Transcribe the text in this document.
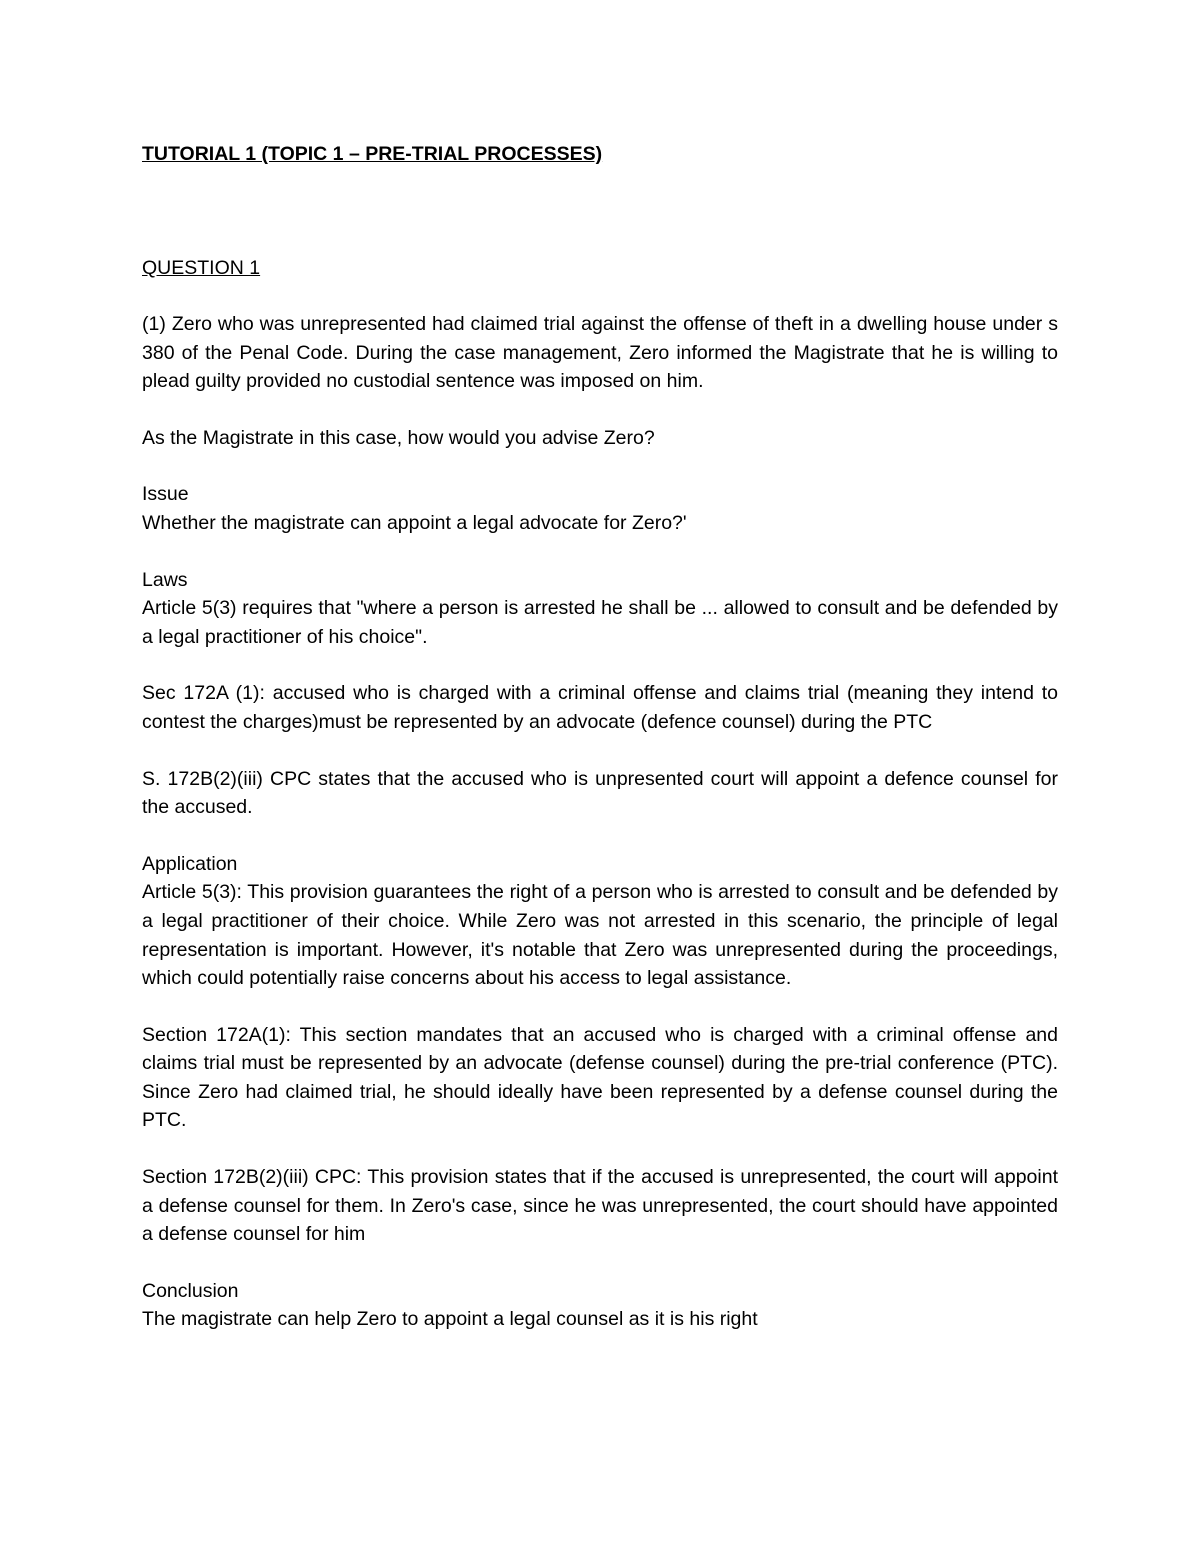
TUTORIAL 1 (TOPIC 1 – PRE-TRIAL PROCESSES)

QUESTION 1

(1) Zero who was unrepresented had claimed trial against the offense of theft in a dwelling house under s 380 of the Penal Code. During the case management, Zero informed the Magistrate that he is willing to plead guilty provided no custodial sentence was imposed on him.

As the Magistrate in this case, how would you advise Zero?

Issue

Whether the magistrate can appoint a legal advocate for Zero?'

Laws

Article 5(3) requires that "where a person is arrested he shall be ... allowed to consult and be defended by a legal practitioner of his choice".

Sec 172A (1): accused who is charged with a criminal offense and claims trial (meaning they intend to contest the charges)must be represented by an advocate (defence counsel) during the PTC

S. 172B(2)(iii) CPC states that the accused who is unpresented court will appoint a defence counsel for the accused.

Application

Article 5(3): This provision guarantees the right of a person who is arrested to consult and be defended by a legal practitioner of their choice. While Zero was not arrested in this scenario, the principle of legal representation is important. However, it's notable that Zero was unrepresented during the proceedings, which could potentially raise concerns about his access to legal assistance.

Section 172A(1): This section mandates that an accused who is charged with a criminal offense and claims trial must be represented by an advocate (defense counsel) during the pre-trial conference (PTC). Since Zero had claimed trial, he should ideally have been represented by a defense counsel during the PTC.

Section 172B(2)(iii) CPC: This provision states that if the accused is unrepresented, the court will appoint a defense counsel for them. In Zero's case, since he was unrepresented, the court should have appointed a defense counsel for him

Conclusion

The magistrate can help Zero to appoint a legal counsel as it is his right
